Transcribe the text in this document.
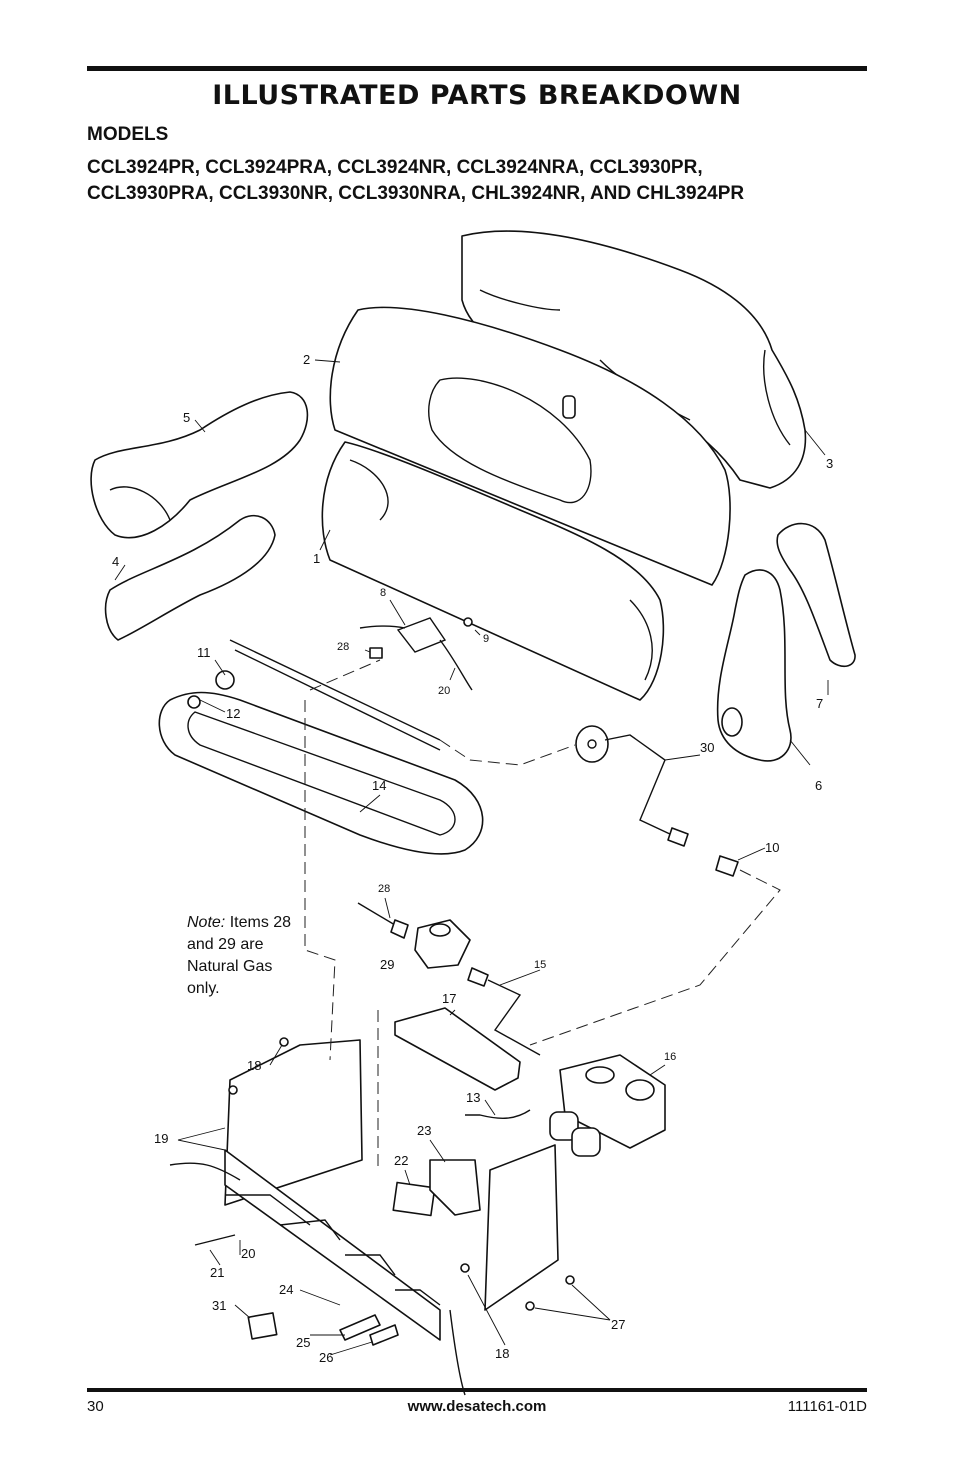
ILLUSTRATED PARTS BREAKDOWN
MODELS
CCL3924PR, CCL3924PRA, CCL3924NR, CCL3924NRA, CCL3930PR,
CCL3930PRA, CCL3930NR, CCL3930NRA, CHL3924NR, AND CHL3924PR
1
2
3
4
5
6
7
8
9
10
11
12
13
14
15
16
17
18
18
19
20
20
21
22
23
24
25
26
27
28
28
29
30
31
Note: Items 28 and 29 are Natural Gas only.
30	www.desatech.com	111161-01D
